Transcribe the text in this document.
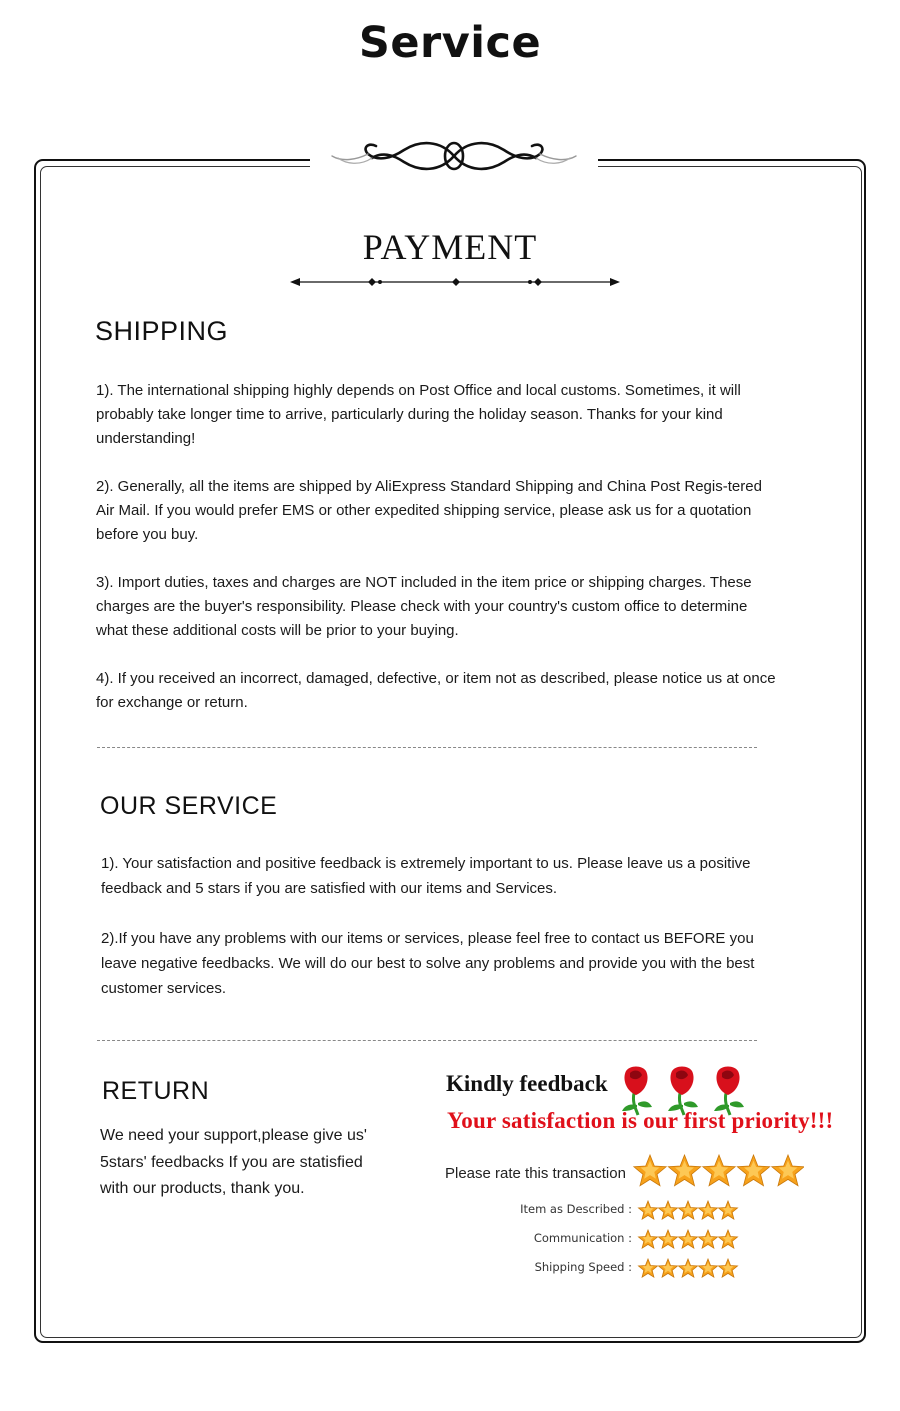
Service
PAYMENT
SHIPPING

1). The international shipping highly depends on Post Office and local customs. Sometimes, it will probably take longer time to arrive, particularly during the holiday season. Thanks for your kind understanding!

2). Generally, all the items are shipped by AliExpress Standard Shipping and China Post Regis-tered Air Mail. If you would prefer EMS or other expedited shipping service, please ask us for a quotation before you buy.

3). Import duties, taxes and charges are NOT included in the item price or shipping charges. These charges are the buyer's responsibility. Please check with your country's custom office to determine what these additional costs will be prior to your buying.

4). If you received an incorrect, damaged, defective, or item not as described, please notice us at once for exchange or return.

OUR SERVICE

1). Your satisfaction and positive feedback is extremely important to us. Please leave us a positive feedback and 5 stars if you are satisfied with our items and Services.

2).If you have any problems with our items or services, please feel free to contact us BEFORE you leave negative feedbacks. We will do our best to solve any problems and provide you with the best customer services.

RETURN

We need your support,please give us' 5stars' feedbacks If you are statisfied with our products, thank you.

Kindly feedback

Your satisfaction is our first priority!!!

Please rate this transaction

Item as Described :

Communication :

Shipping Speed :
